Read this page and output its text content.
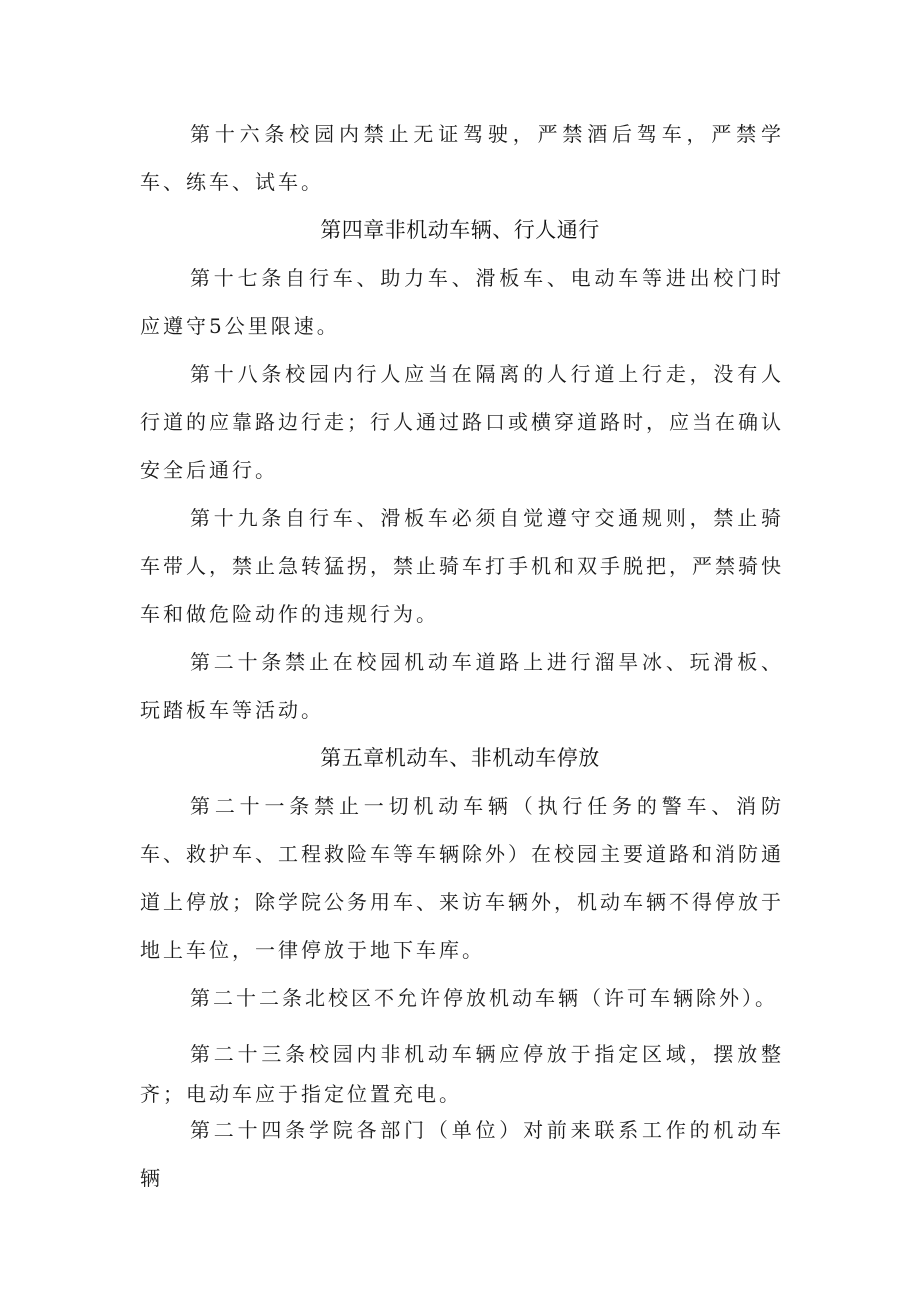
第十六条校园内禁止无证驾驶，严禁酒后驾车，严禁学车、练车、试车。
第四章非机动车辆、行人通行
第十七条自行车、助力车、滑板车、电动车等进出校门时应遵守5公里限速。
第十八条校园内行人应当在隔离的人行道上行走，没有人行道的应靠路边行走；行人通过路口或横穿道路时，应当在确认安全后通行。
第十九条自行车、滑板车必须自觉遵守交通规则，禁止骑车带人，禁止急转猛拐，禁止骑车打手机和双手脱把，严禁骑快车和做危险动作的违规行为。
第二十条禁止在校园机动车道路上进行溜旱冰、玩滑板、玩踏板车等活动。
第五章机动车、非机动车停放
第二十一条禁止一切机动车辆（执行任务的警车、消防车、救护车、工程救险车等车辆除外）在校园主要道路和消防通道上停放；除学院公务用车、来访车辆外，机动车辆不得停放于地上车位，一律停放于地下车库。
第二十二条北校区不允许停放机动车辆（许可车辆除外）。
第二十三条校园内非机动车辆应停放于指定区域，摆放整齐；电动车应于指定位置充电。
第二十四条学院各部门（单位）对前来联系工作的机动车辆
